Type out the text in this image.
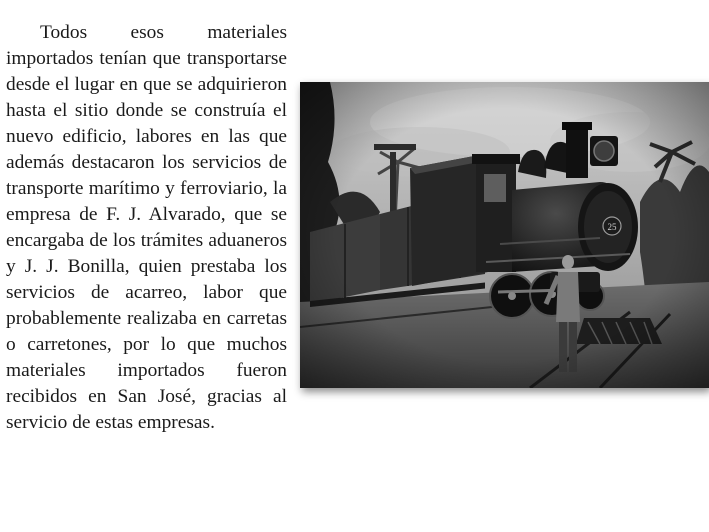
Todos esos materiales importados tenían que transportarse desde el lugar en que se adquirieron hasta el sitio donde se construía el nuevo edificio, labores en las que además destacaron los servicios de transporte marítimo y ferroviario, la empresa de F. J. Alvarado, que se encargaba de los trámites aduaneros y J. J. Bonilla, quien prestaba los servicios de acarreo, labor que probablemente realizaba en carretas o carretones, por lo que muchos materiales importados fueron recibidos en San José, gracias al servicio de estas empresas.
